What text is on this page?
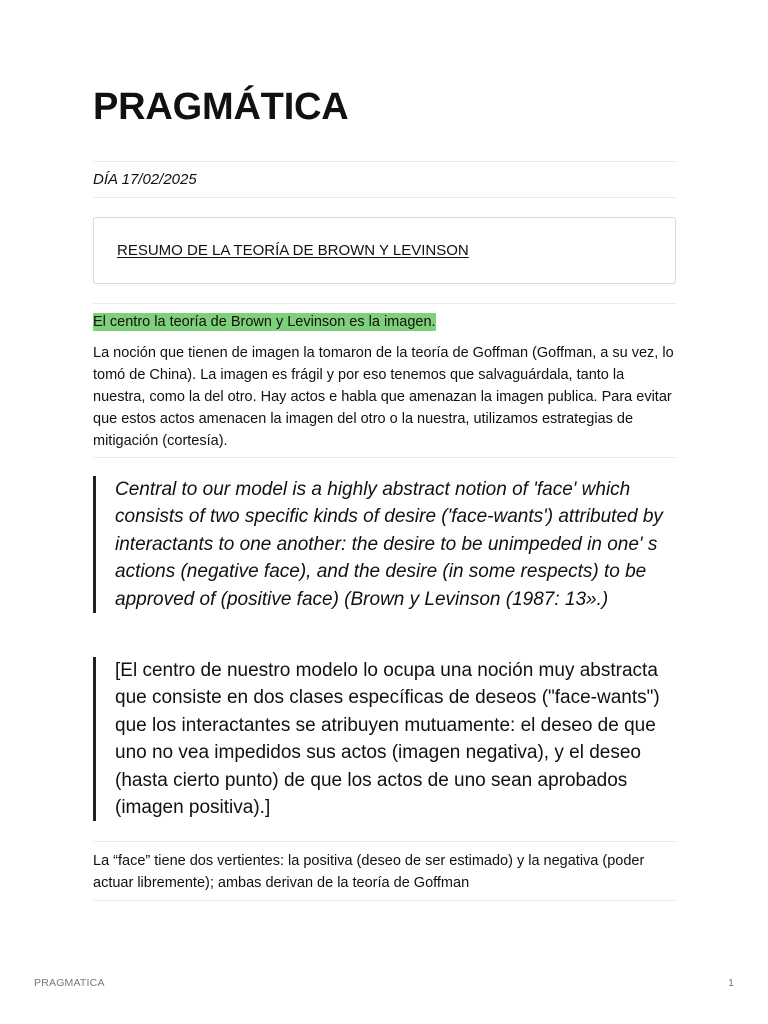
PRAGMÁTICA
DÍA 17/02/2025
RESUMO DE LA TEORÍA DE BROWN Y LEVINSON
El centro la teoría de Brown y Levinson es la imagen.

La noción que tienen de imagen la tomaron de la teoría de Goffman (Goffman, a su vez, lo tomó de China). La imagen es frágil y por eso tenemos que salvaguárdala, tanto la nuestra, como la del otro. Hay actos e habla que amenazan la imagen publica. Para evitar que estos actos amenacen la imagen del otro o la nuestra, utilizamos estrategias de mitigación (cortesía).

Central to our model is a highly abstract notion of 'face' which consists of two specific kinds of desire ('face-wants') attributed by interactants to one another: the desire to be unimpeded in one' s actions (negative face), and the desire (in some respects) to be approved of (positive face) (Brown y Levinson (1987: 13».)
[El centro de nuestro modelo lo ocupa una noción muy abstracta que consiste en dos clases específicas de deseos ("face-wants") que los interactantes se atribuyen mutuamente: el deseo de que uno no vea impedidos sus actos (imagen negativa), y el deseo (hasta cierto punto) de que los actos de uno sean aprobados (imagen positiva).]

La “face” tiene dos vertientes: la positiva (deseo de ser estimado) y la negativa (poder actuar libremente); ambas derivan de la teoría de Goffman

PRAGMATICA	1
